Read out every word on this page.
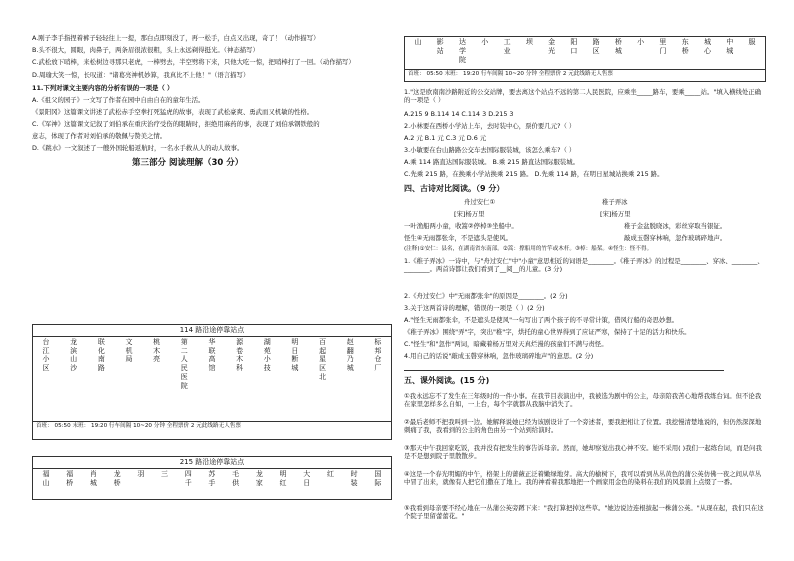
A.刚子李手指捏着裤子轻轻往上一提，那白点即刻没了，再一松手，白点又出现，奇了！（动作描写）
B.头不很大，圆眼，肉鼻子，两条眉很浓很粗，头上永远剃得挺光。（神态描写）
C.武松放下哨棒，来松树边寻那只老虎，一棒劈去，半空劈将下来，只他大吃一惊，把哨棒打了一回。（动作描写）
D.周瑜大笑一惊，长叹道："诸葛亮神机妙算，我真比不上他！"（语言描写）
11.下列对课文主要内容的分析有误的一项是（ ）
A.《祖父的园子》一文写了作者在园中自由自在的童年生活。
《景阳冈》这篇课文讲述了武松赤手空拳打死猛虎的故事，表现了武松豪爽、勇武而又机敏的性格。
C.《军神》这篇课文记叙了刘伯承在重庆治疗受伤的眼睛时，拒绝用麻药的事，表现了刘伯承钢铁般的
意志，体现了作者对刘伯承的敬佩与赞美之情。
D.《跳水》一文叙述了一艘外国轮船返航时，一名水手救从人的动人故事。
第三部分 阅读理解（30 分）
114 路沿途停靠站点
台
江
小
区
龙
滨
山
沙
联
化
南
路
文
机
局
桃
木
亮
第
二
人
民
医
院
华
联
高
馆
源
卷
木
科
湖
苑
小
技
明
日
断
城
百
起
星
区
北
赵
翻
乃
城
标
邦
仓
厂
首班： 05:50 末班： 19:20 行车间隔 10~20 分钟 全程票价 2 元此线路无人售票
215 路沿途停靠站点
福
山
福
桥
肖
城
龙
桥
羽 三 四
千
苏
手
毛
供
龙
家
明
红
大
日
红 时
装
国
际
山 影
站
达
学
院
小 工
业
坝 金
光
阳
口
路
区
桥
城
小 里
门
东
桥
城
心
中
城
服
首班： 05:50 末班： 19:20 行车间隔 10~20 分钟 全程票价 2 元此线路无人售票
1."这是欧南南沙路附近的公交站牌，要去离这个站点不远的第二人民医院，应乘坐_____路车，要乘_____站。"填入横线处正确的一项是（ ）
A.215 9 B.114 14 C.114 3 D.215 3
2.小林要在西桥小学站上车，去时装中心，票价要几元?（ ）
A.2 元 B.1 元 C.3 元 D.6 元
3.小敏要在台山路路公交车去国际服装城，该怎么乘车?（ ）
A.乘 114 路直达国际服装城。 B.乘 215 路直达国际服装城。
C.先乘 215 路，在换乘小学站换乘 215 路。 D.先乘 114 路，在明日星城站换乘 215 路。
四、古诗对比阅读。（9 分）
舟过安仁①
[宋]杨万里
稚子弄冰
[宋]杨万里
一叶渔船两小童，收篙②停棹③坐船中。
怪生④无雨都张伞，不是遮头是使风。
稚子金盆脱晓冰，彩丝穿取当银钲。
敲成玉磬穿林响，忽作玻璃碎地声。
(注释)①安仁：县名，在湖南省东南部。②篙：撑船用的竹竿或木杆。③棹：船桨。④怪生：怪不得。
1.《稚子弄冰》一诗中，与"舟过安仁"中"小童"意思相近的词语是________。《稚子弄冰》的过程是________、穿冰、________、________。两首诗都让我们看到了__阅__的儿童。(3 分)
2.《舟过安仁》中"无雨都张伞"的原因是________。(2 分)
3.关于这两首诗的理解，错误的一项是（ ）(2 分)
A."怪生无雨都张伞，不是遮头是使风"一句写出了两个孩子的不寻常计策，借风行船的奇思妙想。
《稚子弄冰》围绕"弄"字，突出"稚"字，烘托的童心世界得到了应证严寒，保持了十足的活力和快乐。
C."怪生"和"忽作"两词，暗藏着杨万里对天真烂漫的孩童们不满与责怪。
4.用自己的话说"敲成玉磬穿林响，忽作玻璃碎地声"的意思。(2 分)
五、课外阅读。(15 分)
①我永远忘不了发生在三年级时的一件小事。在我节目表演出中，我被选为剧中的公主，母亲陪我苦心地帮我练台词。但不论我在家里怎样多么自如，一上台，每个字就都从我脑中消失了。
②最后老师不把我叫到一边。她解释说她已经为该剧设计了一个旁述者，要我把相让了位置。我挖慢清楚地说的，但仍然深深地刺痛了我，我看到的公主的角色由另一个站到给演时。
③那天中午我回家吃饭，我并没有把发生的事告诉母亲。然而，她却察觉出我心神不安。她不采用( )我们一起练台词，而是问我是不是想到院子里散散步。
④这是一个春光明媚的中午，格架上的薔薇正泛着嫩绿地芽。高大的榆树下，我可以看到丛丛黄色的蒲公英仿佛一夜之间从草丛中冒了出来，就像有人把它们撒在了地上。我的神看着我那地把一个画家用金色的染料在我们的风景面上点缀了一番。
⑤我看到母亲要不经心地在一丛蒲公英旁蹲下来："我打算把掉这些草。"她边说边连根拔起一株蒲公英。"从现在起，我们只在这个院子里留蕾蕾花。"
